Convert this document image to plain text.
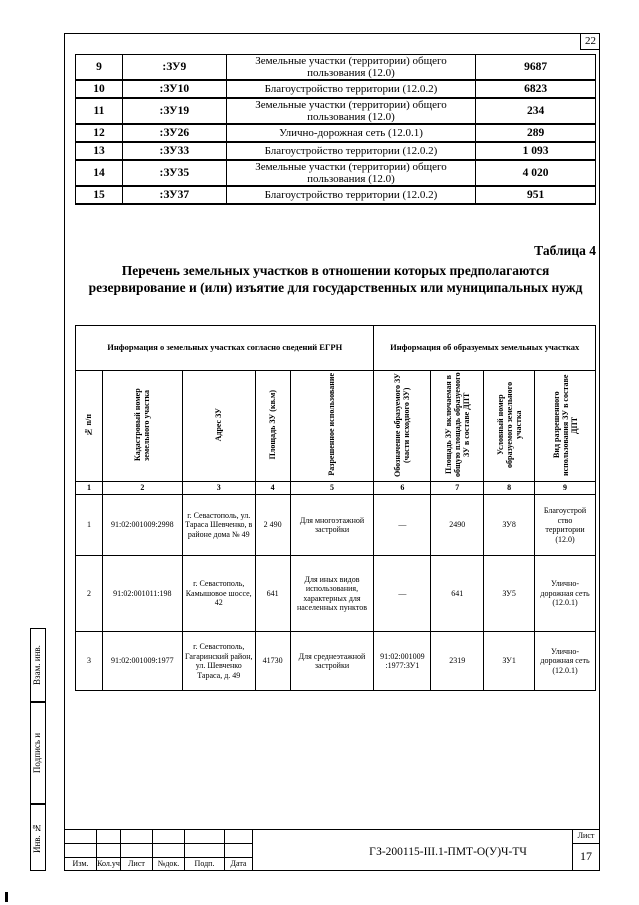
22
9	:ЗУ9	Земельные участки (территории) общего пользования (12.0)	9687
10	:ЗУ10	Благоустройство территории (12.0.2)	6823
11	:ЗУ19	Земельные участки (территории) общего пользования (12.0)	234
12	:ЗУ26	Улично-дорожная сеть (12.0.1)	289
13	:ЗУ33	Благоустройство территории (12.0.2)	1 093
14	:ЗУ35	Земельные участки (территории) общего пользования (12.0)	4 020
15	:ЗУ37	Благоустройство территории (12.0.2)	951
Таблица 4
Перечень земельных участков в отношении которых предполагаются резервирование и (или) изъятие для государственных или муниципальных нужд
Информация о земельных участках согласно сведений ЕГРН					Информация об образуемых земельных участках			
№ п/п	Кадастровый номер земельного участка	Адрес ЗУ	Площадь ЗУ (кв.м)	Разрешенное использование	Обозначение образуемого ЗУ (части исходного ЗУ)	Площадь ЗУ включаемая в общую площадь образуемого ЗУ в составе ДПТ	Условный номер образуемого земельного участка	Вид разрешенного использования ЗУ в составе ДПТ
1	2	3	4	5	6	7	8	9
1	91:02:001009:2998	г. Севастополь, ул. Тараса Шевченко, в районе дома № 49	2 490	Для многоэтажной застройки	—	2490	ЗУ8	Благоустрой ство территории (12.0)
2	91:02:001011:198	г. Севастополь, Камышовое шоссе, 42	641	Для иных видов использования, характерных для населенных пунктов	—	641	ЗУ5	Улично-дорожная сеть (12.0.1)
3	91:02:001009:1977	г. Севастополь, Гагаринский район, ул. Шевченко Тараса, д. 49	41730	Для среднеэтажной застройки	91:02:001009 :1977:ЗУ1	2319	ЗУ1	Улично-дорожная сеть (12.0.1)
Взам. инв.
Подпись и
Инв. №
Изм.	Кол.уч	Лист	№док.	Подп.	Дата
ГЗ-200115-III.1-ПМТ-О(У)Ч-ТЧ
Лист
17
